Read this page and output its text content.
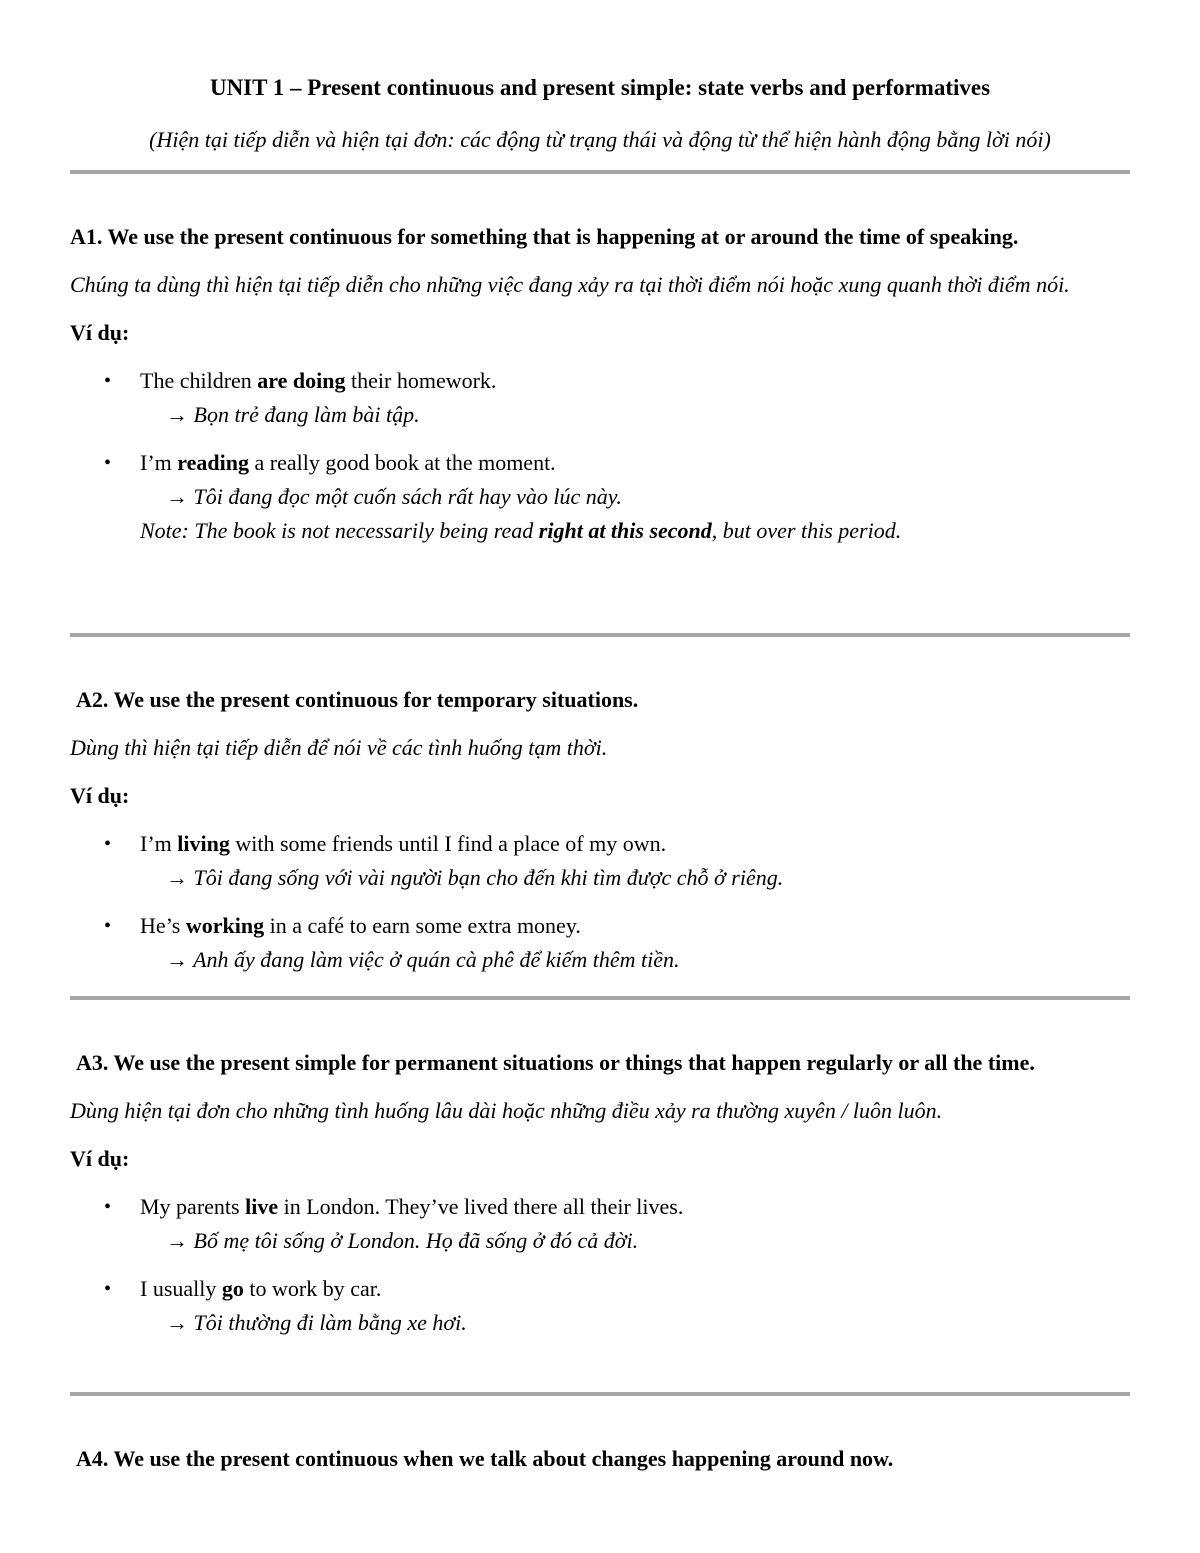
UNIT 1 – Present continuous and present simple: state verbs and performatives
(Hiện tại tiếp diễn và hiện tại đơn: các động từ trạng thái và động từ thể hiện hành động bằng lời nói)

A1. We use the present continuous for something that is happening at or around the time of speaking.

Chúng ta dùng thì hiện tại tiếp diễn cho những việc đang xảy ra tại thời điểm nói hoặc xung quanh thời điểm nói.

Ví dụ:

• The children are doing their homework.
→ Bọn trẻ đang làm bài tập.
• I’m reading a really good book at the moment.
→ Tôi đang đọc một cuốn sách rất hay vào lúc này.
Note: The book is not necessarily being read right at this second, but over this period.

A2. We use the present continuous for temporary situations.

Dùng thì hiện tại tiếp diễn để nói về các tình huống tạm thời.

Ví dụ:

• I’m living with some friends until I find a place of my own.
→ Tôi đang sống với vài người bạn cho đến khi tìm được chỗ ở riêng.
• He’s working in a café to earn some extra money.
→ Anh ấy đang làm việc ở quán cà phê để kiếm thêm tiền.

A3. We use the present simple for permanent situations or things that happen regularly or all the time.

Dùng hiện tại đơn cho những tình huống lâu dài hoặc những điều xảy ra thường xuyên / luôn luôn.

Ví dụ:

• My parents live in London. They’ve lived there all their lives.
→ Bố mẹ tôi sống ở London. Họ đã sống ở đó cả đời.
• I usually go to work by car.
→ Tôi thường đi làm bằng xe hơi.

A4. We use the present continuous when we talk about changes happening around now.
